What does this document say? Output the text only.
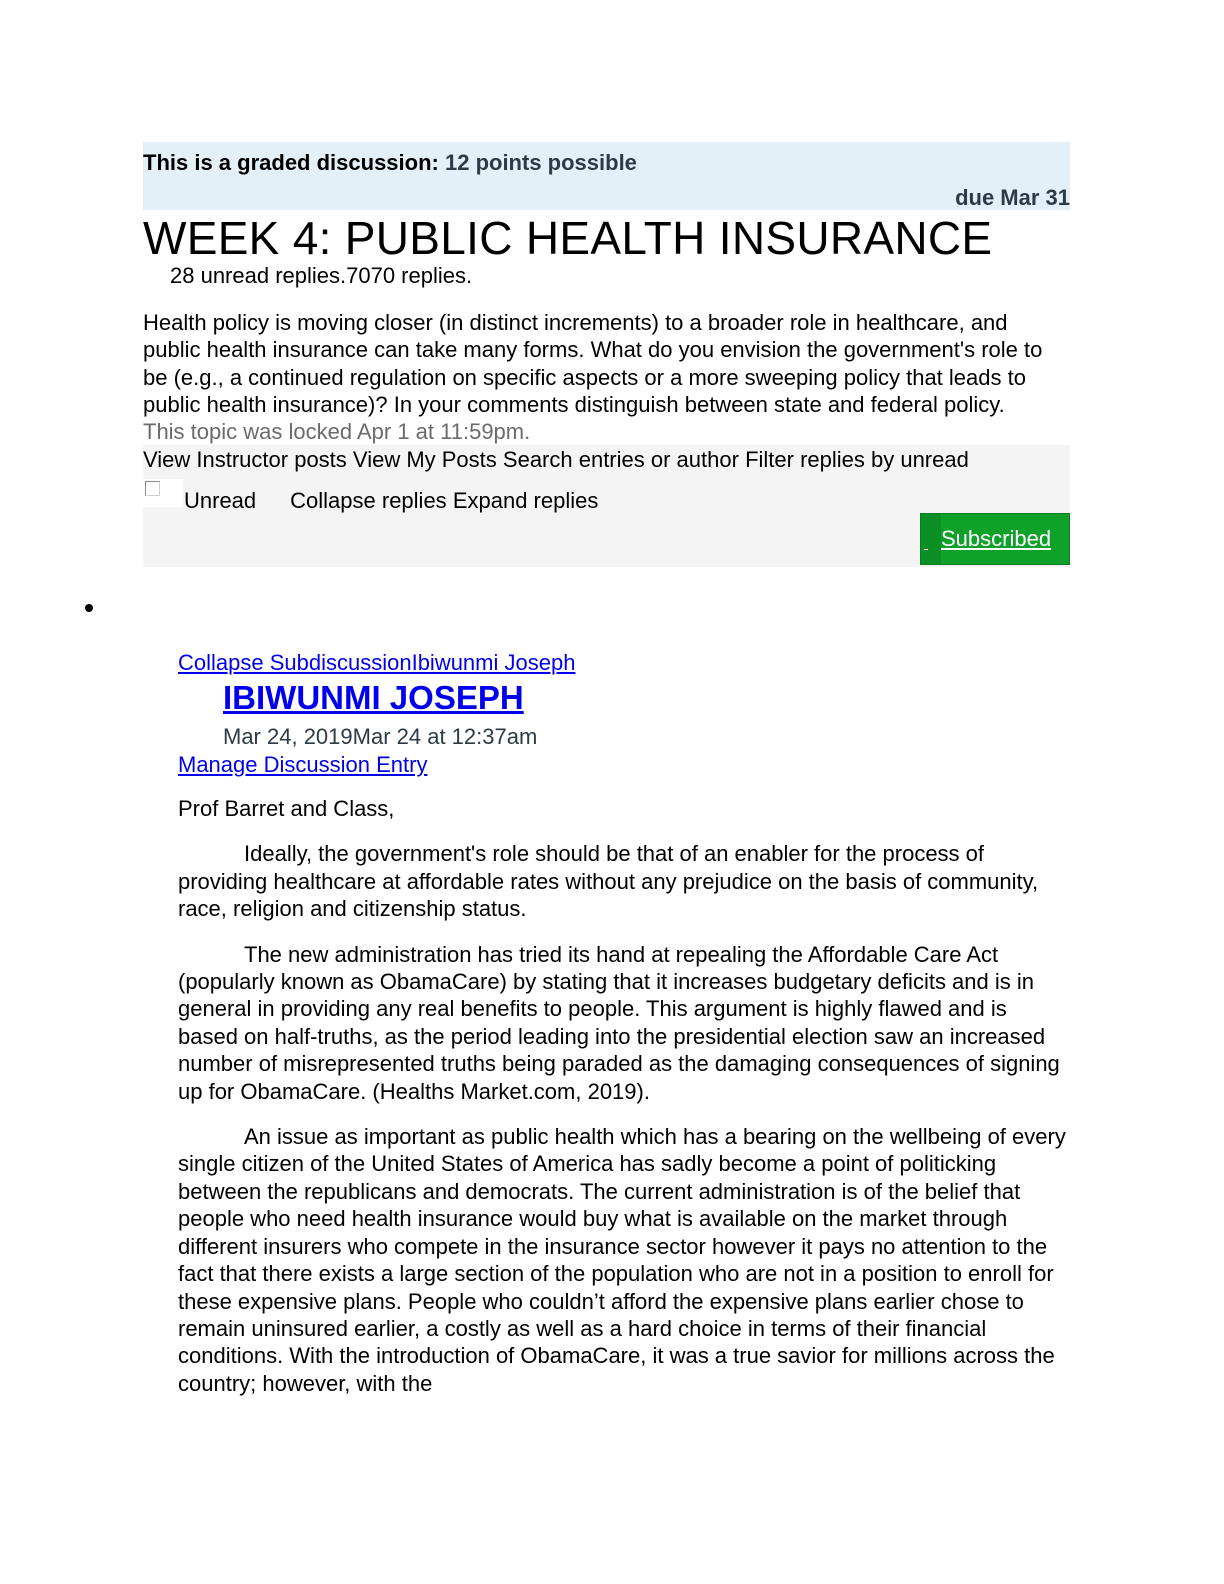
This is a graded discussion: 12 points possible
due Mar 31
WEEK 4: PUBLIC HEALTH INSURANCE
28 unread replies.7070 replies.
Health policy is moving closer (in distinct increments) to a broader role in healthcare, and public health insurance can take many forms. What do you envision the government's role to be (e.g., a continued regulation on specific aspects or a more sweeping policy that leads to public health insurance)? In your comments distinguish between state and federal policy.
This topic was locked Apr 1 at 11:59pm.
View Instructor posts View My Posts Search entries or author Filter replies by unread
Unread Collapse replies Expand replies
Subscribed
Collapse SubdiscussionIbiwunmi Joseph
IBIWUNMI JOSEPH
Mar 24, 2019Mar 24 at 12:37am
Manage Discussion Entry
Prof Barret and Class,
Ideally, the government's role should be that of an enabler for the process of providing healthcare at affordable rates without any prejudice on the basis of community, race, religion and citizenship status.
The new administration has tried its hand at repealing the Affordable Care Act (popularly known as ObamaCare) by stating that it increases budgetary deficits and is in general in providing any real benefits to people. This argument is highly flawed and is based on half-truths, as the period leading into the presidential election saw an increased number of misrepresented truths being paraded as the damaging consequences of signing up for ObamaCare. (Healths Market.com, 2019).
An issue as important as public health which has a bearing on the wellbeing of every single citizen of the United States of America has sadly become a point of politicking between the republicans and democrats. The current administration is of the belief that people who need health insurance would buy what is available on the market through different insurers who compete in the insurance sector however it pays no attention to the fact that there exists a large section of the population who are not in a position to enroll for these expensive plans. People who couldn’t afford the expensive plans earlier chose to remain uninsured earlier, a costly as well as a hard choice in terms of their financial conditions. With the introduction of ObamaCare, it was a true savior for millions across the country; however, with the
